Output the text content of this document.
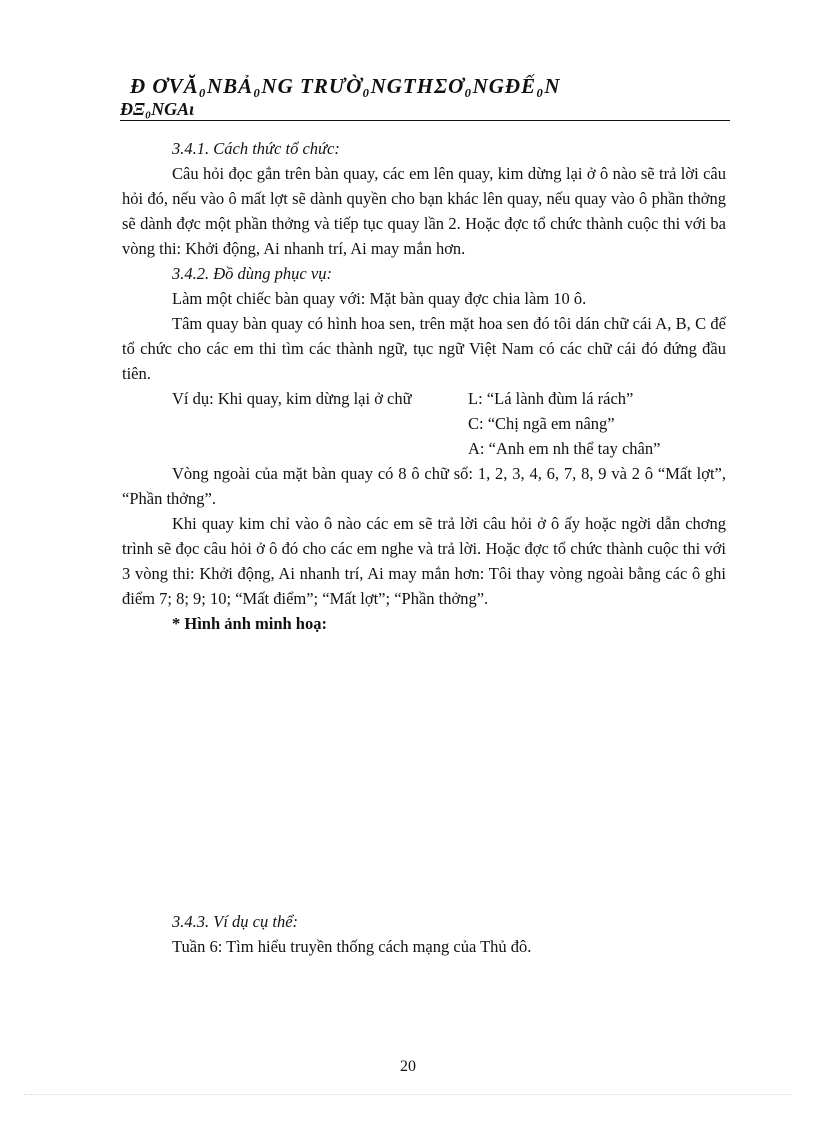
Đ ƠVĂ₀NΒẢ₀NG ΤRƯỜ₀NGΤΗΣƠ₀NGĐẾ₀N
ĐΞ₀NGΑι

3.4.1. Cách thức tổ chức:

Câu hỏi đọc gắn trên bàn quay, các em lên quay, kim dừng lại ở ô nào sẽ trả lời câu hỏi đó, nếu vào ô mất lợt sẽ dành quyền cho bạn khác lên quay, nếu quay vào ô phần thởng sẽ dành đợc một phần thởng và tiếp tục quay lần 2. Hoặc đợc tổ chức thành cuộc thi với ba vòng thi: Khởi động, Ai nhanh trí, Ai may mắn hơn.

3.4.2. Đồ dùng phục vụ:

Làm một chiếc bàn quay với: Mặt bàn quay đợc chia làm 10 ô.

Tâm quay bàn quay có hình hoa sen, trên mặt hoa sen đó tôi dán chữ cái A, B, C để tổ chức cho các em thi tìm các thành ngữ, tục ngữ Việt Nam có các chữ cái đó đứng đầu tiên.

Ví dụ: Khi quay, kim dừng lại ở chữ	L: “Lá lành đùm lá rách”

C: “Chị ngã em nâng”

A: “Anh em nh thể tay chân”

Vòng ngoài của mặt bàn quay có 8 ô chữ số: 1, 2, 3, 4, 6, 7, 8, 9 và 2 ô “Mất lợt”, “Phần thởng”.

Khi quay kim chỉ vào ô nào các em sẽ trả lời câu hỏi ở ô ấy hoặc ngời dẫn chơng trình sẽ đọc câu hỏi ở ô đó cho các em nghe và trả lời. Hoặc đợc tổ chức thành cuộc thi với 3 vòng thi: Khởi động, Ai nhanh trí, Ai may mắn hơn: Tôi thay vòng ngoài bằng các ô ghi điểm 7; 8; 9; 10; “Mất điểm”; “Mất lợt”; “Phần thởng”.

* Hình ảnh minh hoạ:

3.4.3. Ví dụ cụ thể:

Tuần 6: Tìm hiểu truyền thống cách mạng của Thủ đô.

20
